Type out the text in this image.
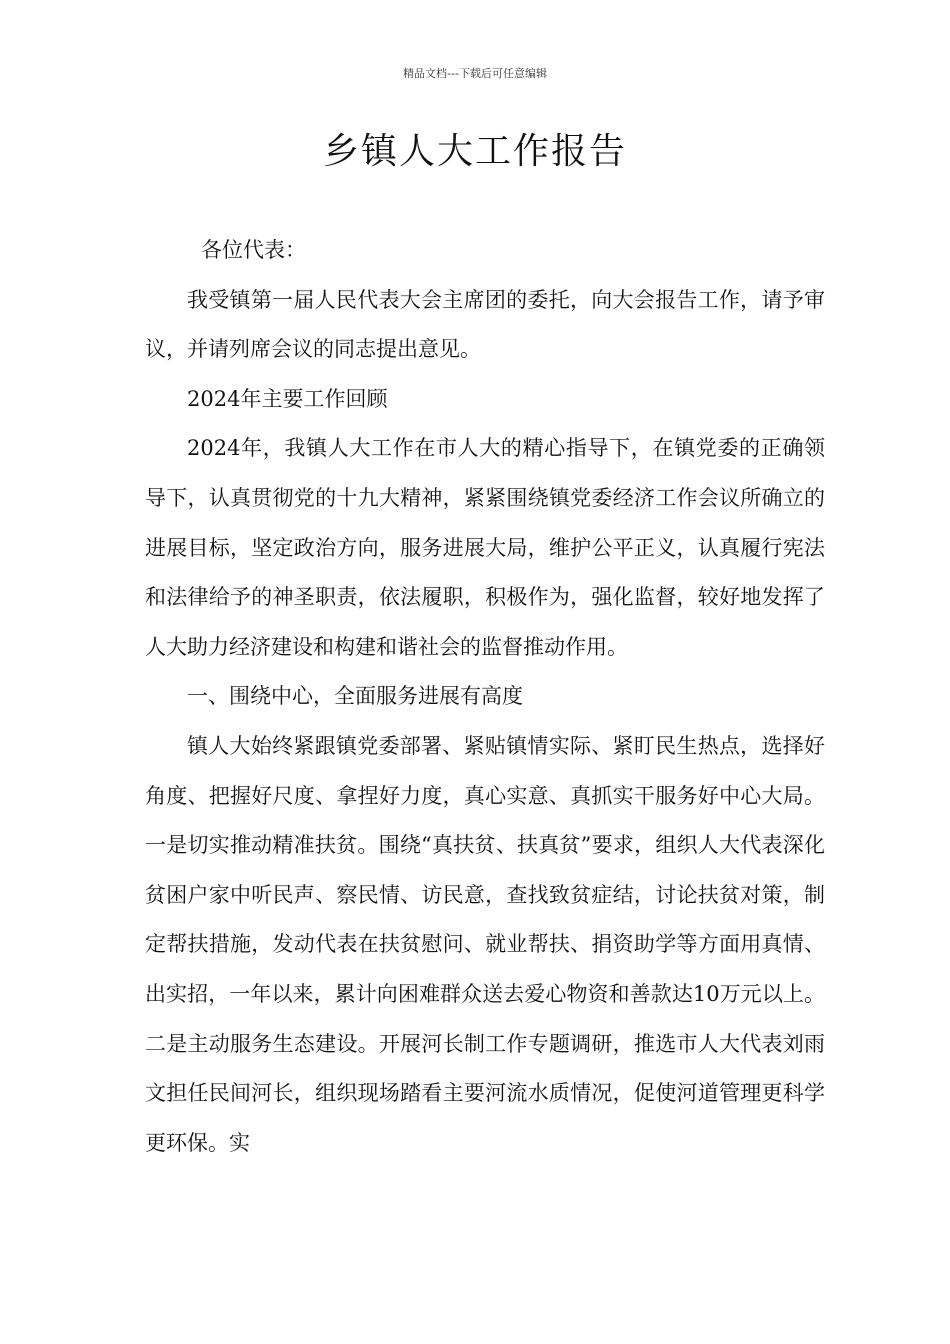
精品文档---下载后可任意编辑
乡镇人大工作报告

各位代表：

我受镇第一届人民代表大会主席团的委托，向大会报告工作，请予审议，并请列席会议的同志提出意见。

2024年主要工作回顾

2024年，我镇人大工作在市人大的精心指导下，在镇党委的正确领导下，认真贯彻党的十九大精神，紧紧围绕镇党委经济工作会议所确立的进展目标，坚定政治方向，服务进展大局，维护公平正义，认真履行宪法和法律给予的神圣职责，依法履职，积极作为，强化监督，较好地发挥了人大助力经济建设和构建和谐社会的监督推动作用。

一、围绕中心，全面服务进展有高度

镇人大始终紧跟镇党委部署、紧贴镇情实际、紧盯民生热点，选择好角度、把握好尺度、拿捏好力度，真心实意、真抓实干服务好中心大局。一是切实推动精准扶贫。围绕“真扶贫、扶真贫”要求，组织人大代表深化贫困户家中听民声、察民情、访民意，查找致贫症结，讨论扶贫对策，制定帮扶措施，发动代表在扶贫慰问、就业帮扶、捐资助学等方面用真情、出实招，一年以来，累计向困难群众送去爱心物资和善款达10万元以上。二是主动服务生态建设。开展河长制工作专题调研，推选市人大代表刘雨文担任民间河长，组织现场踏看主要河流水质情况，促使河道管理更科学更环保。实
